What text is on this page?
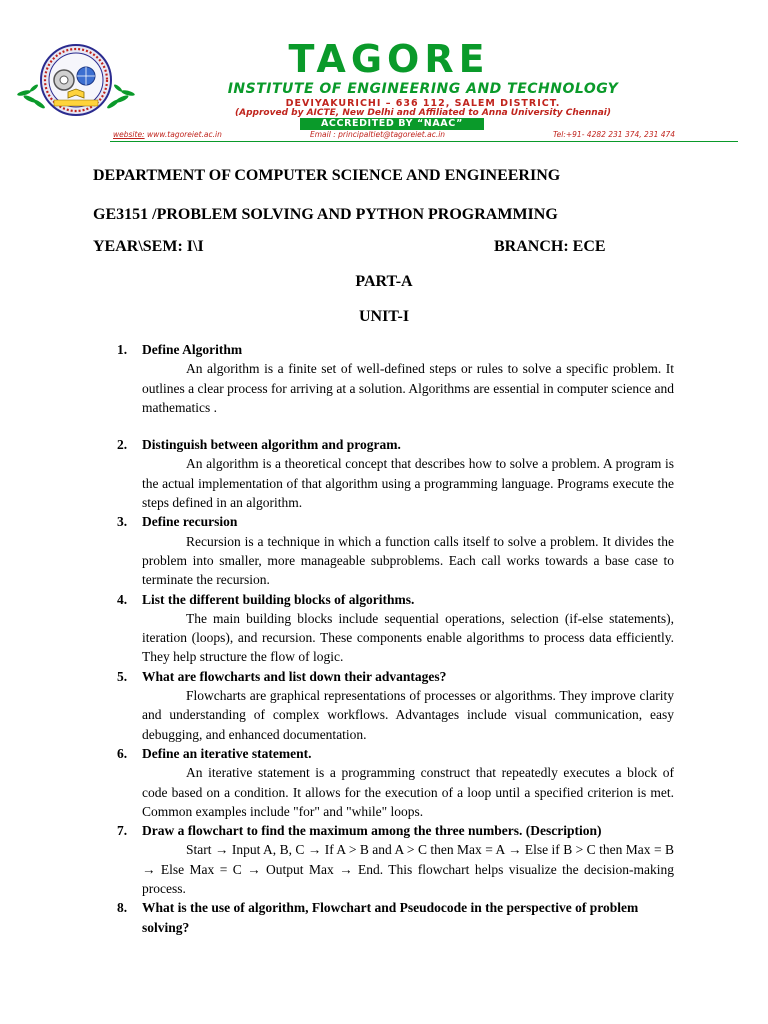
TAGORE
INSTITUTE OF ENGINEERING AND TECHNOLOGY
DEVIYAKURICHI – 636 112, SALEM DISTRICT.
(Approved by AICTE, New Delhi and Affiliated to Anna University Chennai)
ACCREDITED BY “NAAC”
website: www.tagoreiet.ac.in	Email : principaltiet@tagoreiet.ac.in	Tel:+91- 4282 231 374, 231 474
DEPARTMENT OF COMPUTER SCIENCE AND ENGINEERING
GE3151 /PROBLEM SOLVING AND PYTHON PROGRAMMING
YEAR\SEM: I\I	BRANCH: ECE
PART-A
UNIT-I
1. Define Algorithm
An algorithm is a finite set of well-defined steps or rules to solve a specific problem. It outlines a clear process for arriving at a solution. Algorithms are essential in computer science and mathematics .
2. Distinguish between algorithm and program.
An algorithm is a theoretical concept that describes how to solve a problem. A program is the actual implementation of that algorithm using a programming language. Programs execute the steps defined in an algorithm.
3. Define recursion
Recursion is a technique in which a function calls itself to solve a problem. It divides the problem into smaller, more manageable subproblems. Each call works towards a base case to terminate the recursion.
4. List the different building blocks of algorithms.
The main building blocks include sequential operations, selection (if-else statements), iteration (loops), and recursion. These components enable algorithms to process data efficiently. They help structure the flow of logic.
5. What are flowcharts and list down their advantages?
Flowcharts are graphical representations of processes or algorithms. They improve clarity and understanding of complex workflows. Advantages include visual communication, easy debugging, and enhanced documentation.
6. Define an iterative statement.
An iterative statement is a programming construct that repeatedly executes a block of code based on a condition. It allows for the execution of a loop until a specified criterion is met. Common examples include "for" and "while" loops.
7. Draw a flowchart to find the maximum among the three numbers. (Description)
Start → Input A, B, C → If A > B and A > C then Max = A → Else if B > C then Max = B → Else Max = C → Output Max → End. This flowchart helps visualize the decision-making process.
8. What is the use of algorithm, Flowchart and Pseudocode in the perspective of problem solving?
